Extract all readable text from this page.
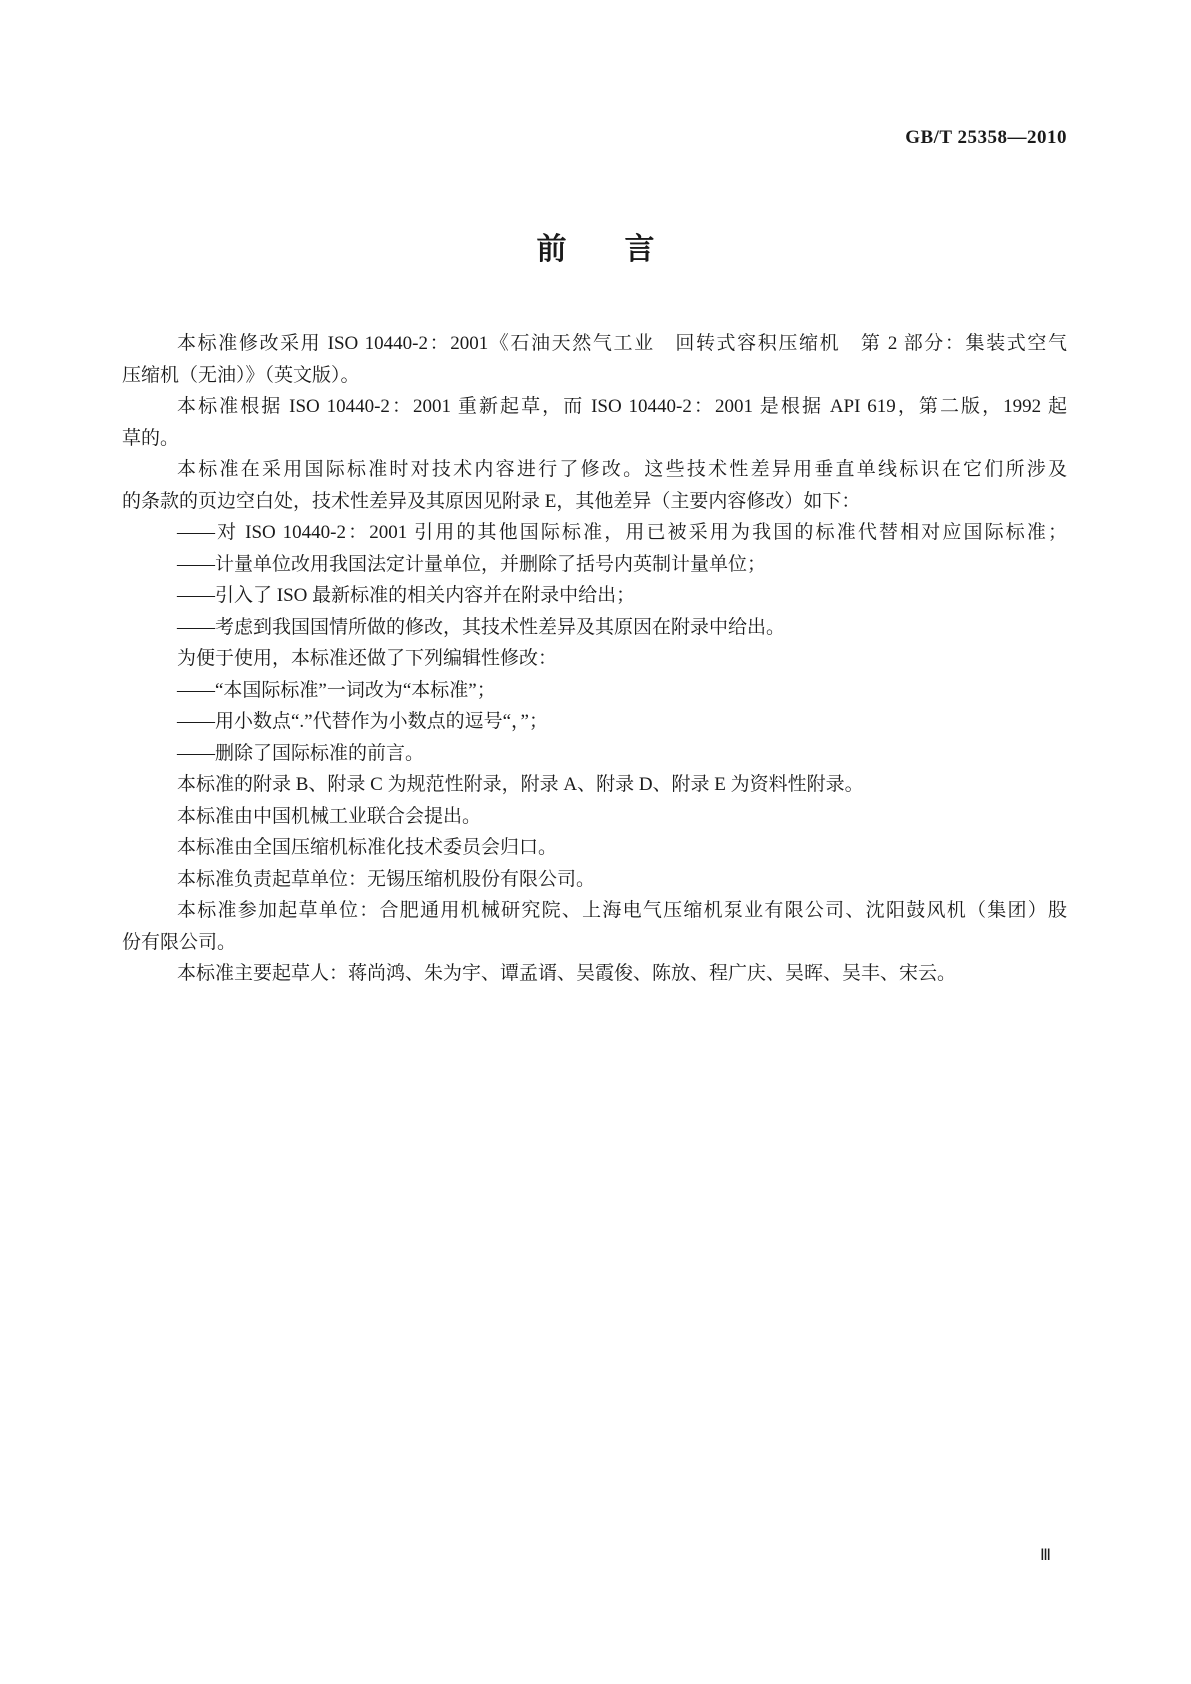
GB/T 25358—2010
前言
本标准修改采用 ISO 10440-2：2001《石油天然气工业　回转式容积压缩机　第 2 部分：集装式空气
压缩机（无油）》（英文版）。
本标准根据 ISO 10440-2：2001 重新起草，而 ISO 10440-2：2001 是根据 API 619，第二版，1992 起
草的。
本标准在采用国际标准时对技术内容进行了修改。这些技术性差异用垂直单线标识在它们所涉及
的条款的页边空白处，技术性差异及其原因见附录 E，其他差异（主要内容修改）如下：
——对 ISO 10440-2：2001 引用的其他国际标准，用已被采用为我国的标准代替相对应国际标准；
——计量单位改用我国法定计量单位，并删除了括号内英制计量单位；
——引入了 ISO 最新标准的相关内容并在附录中给出；
——考虑到我国国情所做的修改，其技术性差异及其原因在附录中给出。
为便于使用，本标准还做了下列编辑性修改：
——“本国际标准”一词改为“本标准”；
——用小数点“.”代替作为小数点的逗号“，”；
——删除了国际标准的前言。
本标准的附录 B、附录 C 为规范性附录，附录 A、附录 D、附录 E 为资料性附录。
本标准由中国机械工业联合会提出。
本标准由全国压缩机标准化技术委员会归口。
本标准负责起草单位：无锡压缩机股份有限公司。
本标准参加起草单位：合肥通用机械研究院、上海电气压缩机泵业有限公司、沈阳鼓风机（集团）股
份有限公司。
本标准主要起草人：蒋尚鸿、朱为宇、谭孟谞、吴霞俊、陈放、程广庆、吴晖、吴丰、宋云。
Ⅲ
